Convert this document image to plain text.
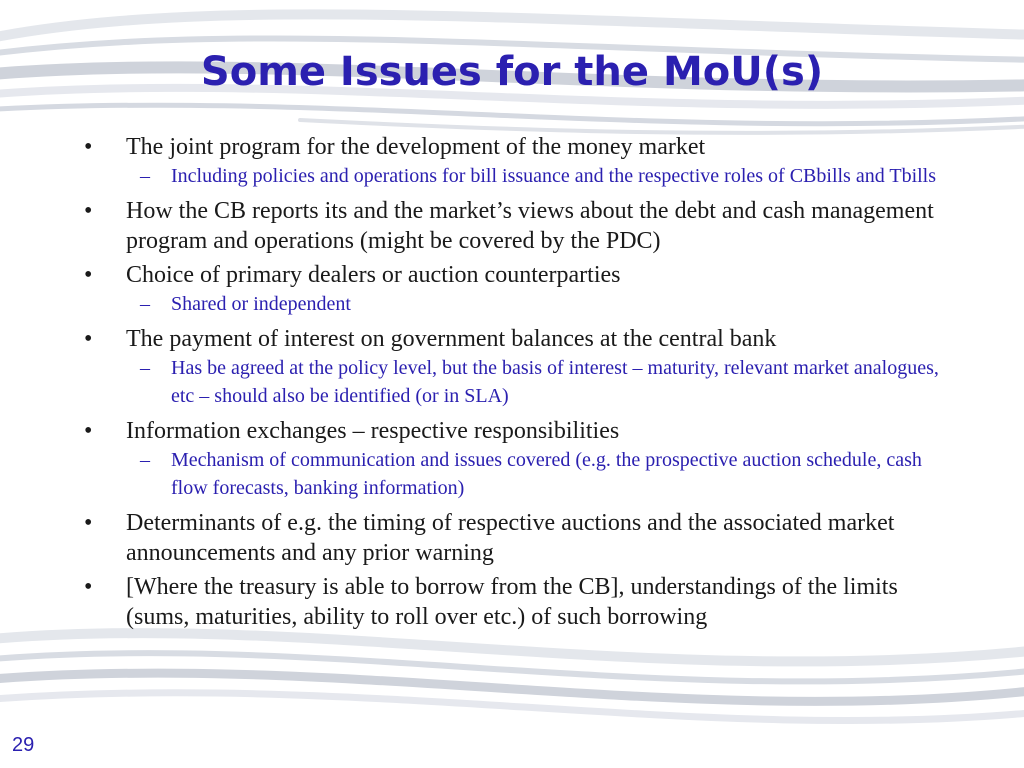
Some Issues for the MoU(s)
•	The joint program for the development of the money market
– Including policies and operations for bill issuance and the respective roles of CBbills and Tbills
•	How the CB reports its and the market’s views about the debt and cash management program and operations (might be covered by the PDC)
•	Choice of primary dealers or auction counterparties
– Shared or independent
•	The payment of interest on government balances at the central bank
– Has be agreed at the policy level, but the basis of interest – maturity, relevant market analogues, etc – should also be identified (or in SLA)
•	Information exchanges – respective responsibilities
– Mechanism of communication and issues covered (e.g. the prospective auction schedule, cash flow forecasts, banking information)
•	Determinants of e.g. the timing of respective auctions and the associated market announcements and any prior warning
•	[Where the treasury is able to borrow from the CB], understandings of the limits (sums, maturities, ability to roll over etc.) of such borrowing
29
